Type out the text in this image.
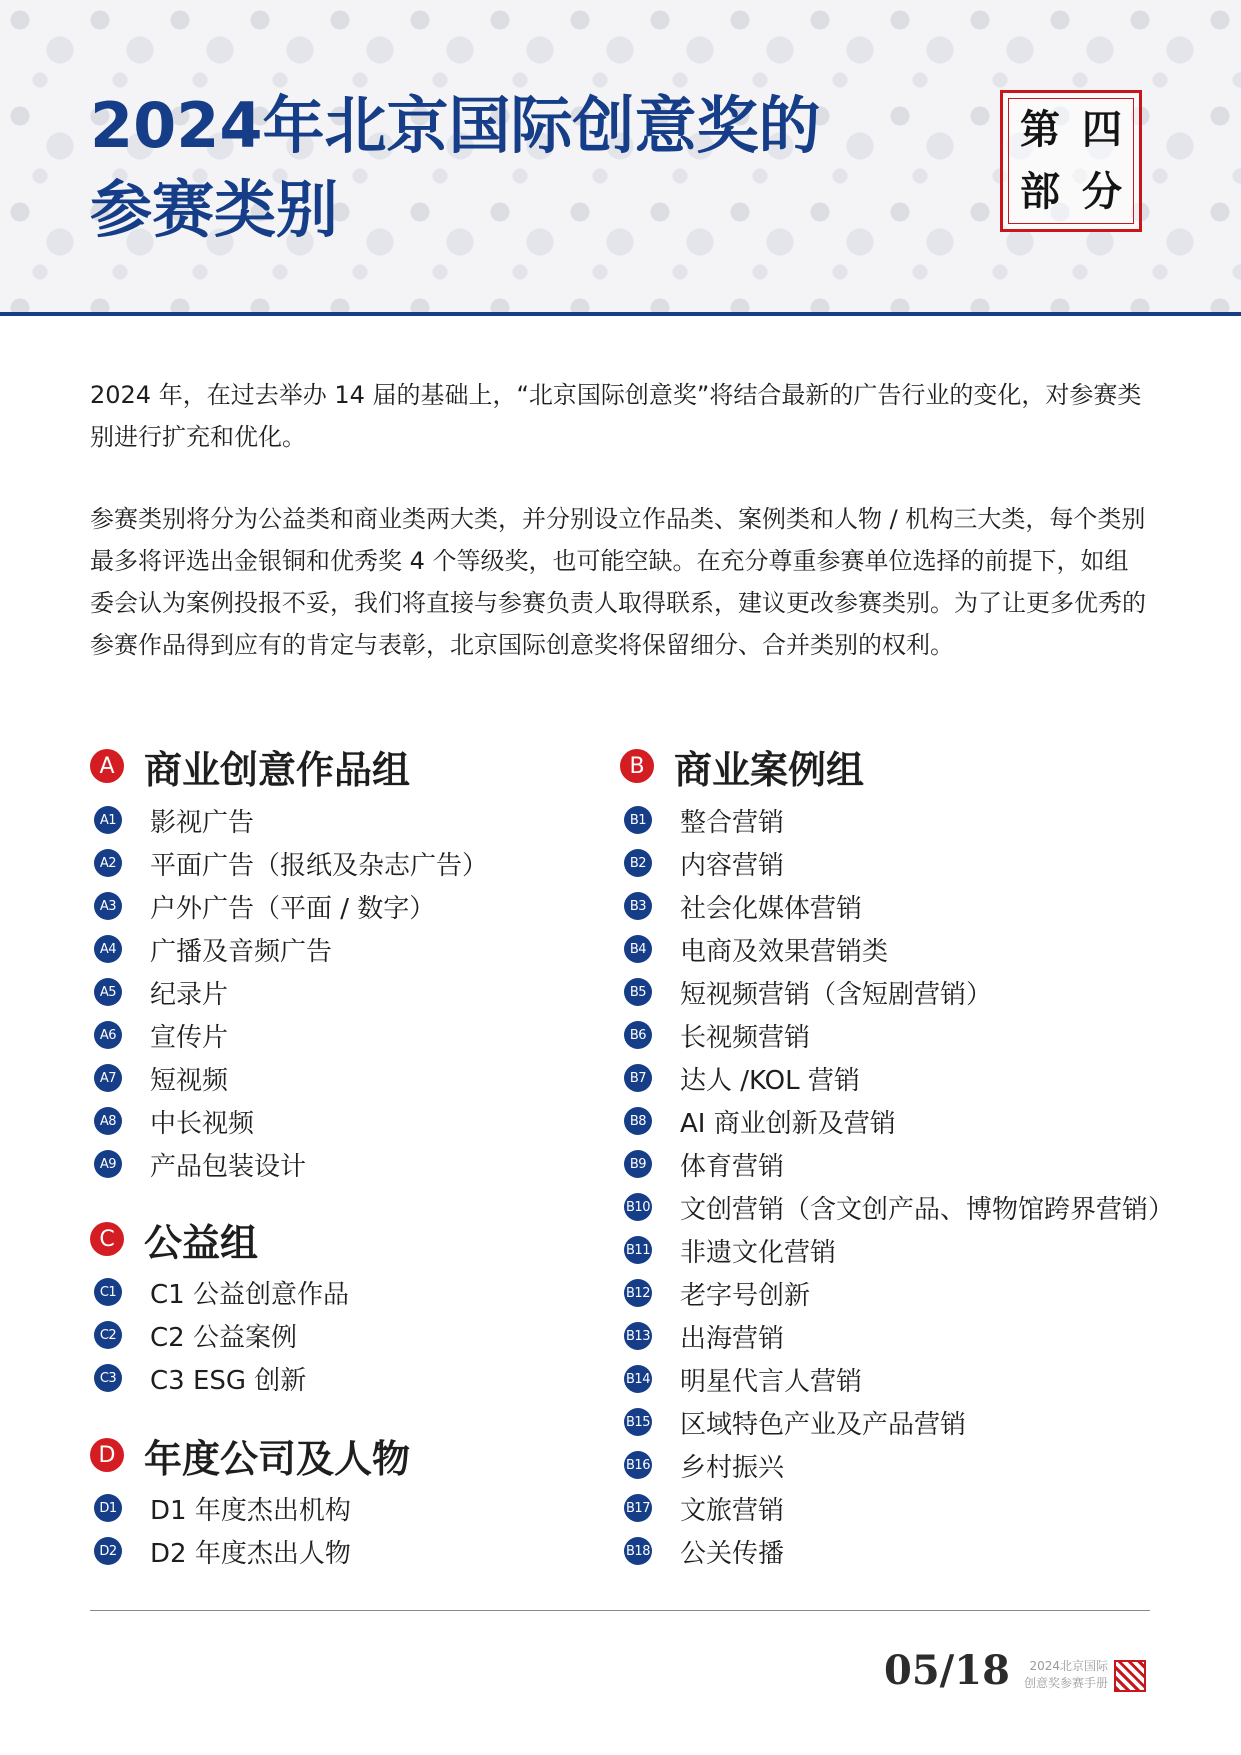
2024年北京国际创意奖的
参赛类别
第 四
部 分

2024 年，在过去举办 14 届的基础上，“北京国际创意奖”将结合最新的广告行业的变化，对参赛类别进行扩充和优化。

参赛类别将分为公益类和商业类两大类，并分别设立作品类、案例类和人物 / 机构三大类，每个类别最多将评选出金银铜和优秀奖 4 个等级奖，也可能空缺。在充分尊重参赛单位选择的前提下，如组委会认为案例投报不妥，我们将直接与参赛负责人取得联系，建议更改参赛类别。为了让更多优秀的参赛作品得到应有的肯定与表彰，北京国际创意奖将保留细分、合并类别的权利。

A 商业创意作品组
A1 影视广告
A2 平面广告（报纸及杂志广告）
A3 户外广告（平面 / 数字）
A4 广播及音频广告
A5 纪录片
A6 宣传片
A7 短视频
A8 中长视频
A9 产品包装设计
C 公益组
C1 C1 公益创意作品
C2 C2 公益案例
C3 C3 ESG 创新
D 年度公司及人物
D1 D1 年度杰出机构
D2 D2 年度杰出人物
B 商业案例组
B1 整合营销
B2 内容营销
B3 社会化媒体营销
B4 电商及效果营销类
B5 短视频营销（含短剧营销）
B6 长视频营销
B7 达人 /KOL 营销
B8 AI 商业创新及营销
B9 体育营销
B10 文创营销（含文创产品、博物馆跨界营销）
B11 非遗文化营销
B12 老字号创新
B13 出海营销
B14 明星代言人营销
B15 区域特色产业及产品营销
B16 乡村振兴
B17 文旅营销
B18 公关传播
05/18	2024北京国际
创意奖参赛手册
